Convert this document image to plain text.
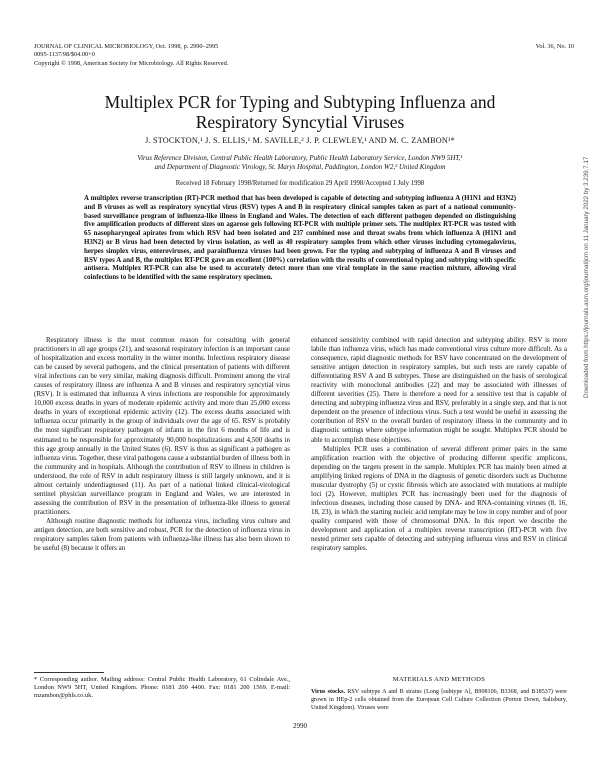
JOURNAL OF CLINICAL MICROBIOLOGY, Oct. 1998, p. 2990–2995
0095-1137/98/$04.00+0
Copyright © 1998, American Society for Microbiology. All Rights Reserved.
Vol. 36, No. 10
Multiplex PCR for Typing and Subtyping Influenza and
Respiratory Syncytial Viruses
J. STOCKTON,¹ J. S. ELLIS,¹ M. SAVILLE,² J. P. CLEWLEY,¹ AND M. C. ZAMBON¹*
Virus Reference Division, Central Public Health Laboratory, Public Health Laboratory Service, London NW9 5HT,¹
and Department of Diagnostic Virology, St. Marys Hospital, Paddington, London W2,² United Kingdom
Received 18 February 1998/Returned for modification 29 April 1998/Accepted 1 July 1998

A multiplex reverse transcription (RT)-PCR method that has been developed is capable of detecting and subtyping influenza A (H1N1 and H3N2) and B viruses as well as respiratory syncytial virus (RSV) types A and B in respiratory clinical samples taken as part of a national community-based surveillance program of influenza-like illness in England and Wales. The detection of each different pathogen depended on distinguishing five amplification products of different sizes on agarose gels following RT-PCR with multiple primer sets. The multiplex RT-PCR was tested with 65 nasopharyngeal apirates from which RSV had been isolated and 237 combined nose and throat swabs from which influenza A (H1N1 and H3N2) or B virus had been detected by virus isolation, as well as 40 respiratory samples from which other viruses including cytomegalovirus, herpes simplex virus, enteroviruses, and parainfluenza viruses had been grown. For the typing and subtyping of influenza A and B viruses and RSV types A and B, the multiplex RT-PCR gave an excellent (100%) correlation with the results of conventional typing and subtyping with specific antisera. Multiplex RT-PCR can also be used to accurately detect more than one viral template in the same reaction mixture, allowing viral coinfections to be identified with the same respiratory specimen.

Respiratory illness is the most common reason for consulting with general practitioners in all age groups (21), and seasonal respiratory infection is an important cause of hospitalization and excess mortality in the winter months. Infectious respiratory disease can be caused by several pathogens, and the clinical presentation of patients with different viral infections can be very similar, making diagnosis difficult. Prominent among the viral causes of respiratory illness are influenza A and B viruses and respiratory syncytial virus (RSV). It is estimated that influenza A virus infections are responsible for approximately 10,000 excess deaths in years of moderate epidemic activity and more than 25,000 excess deaths in years of exceptional epidemic activity (12). The excess deaths associated with influenza occur primarily in the group of individuals over the age of 65. RSV is probably the most significant respiratory pathogen of infants in the first 6 months of life and is estimated to be responsible for approximately 90,000 hospitalizations and 4,500 deaths in this age group annually in the United States (6). RSV is thus as significant a pathogen as influenza virus. Together, these viral pathogens cause a substantial burden of illness both in the community and in hospitals. Although the contribution of RSV to illness in children is understood, the role of RSV in adult respiratory illness is still largely unknown, and it is almost certainly underdiagnosed (11). As part of a national linked clinical-virological sentinel physician surveillance program in England and Wales, we are interested in assessing the contribution of RSV in the presentation of influenza-like illness to general practitioners.

Although routine diagnostic methods for influenza virus, including virus culture and antigen detection, are both sensitive and robust, PCR for the detection of influenza virus in respiratory samples taken from patients with influenza-like illness has also been shown to be useful (8) because it offers an

enhanced sensitivity combined with rapid detection and subtyping ability. RSV is more labile than influenza virus, which has made conventional virus culture more difficult. As a consequence, rapid diagnostic methods for RSV have concentrated on the development of sensitive antigen detection in respiratory samples, but such tests are rarely capable of differentiating RSV A and B subtypes. These are distinguished on the basis of serological reactivity with monoclonal antibodies (22) and may be associated with illnesses of different severities (25). There is therefore a need for a sensitive test that is capable of detecting and subtyping influenza virus and RSV, preferably in a single step, and that is not dependent on the presence of infectious virus. Such a test would be useful in assessing the contribution of RSV to the overall burden of respiratory illness in the community and in diagnostic settings where subtype information might be sought. Multiplex PCR should be able to accomplish these objectives.

Multiplex PCR uses a combination of several different primer pairs in the same amplification reaction with the objective of producing different specific amplicons, depending on the targets present in the sample. Multiplex PCR has mainly been aimed at amplifying linked regions of DNA in the diagnosis of genetic disorders such as Duchenne muscular dystrophy (5) or cystic fibrosis which are associated with mutations at multiple loci (2). However, multiplex PCR has increasingly been used for the diagnosis of infectious diseases, including those caused by DNA- and RNA-containing viruses (8, 16, 18, 23), in which the starting nucleic acid template may be low in copy number and of poor quality compared with those of chromosomal DNA. In this report we describe the development and application of a multiplex reverse transcription (RT)-PCR with five nested primer sets capable of detecting and subtyping influenza virus and RSV in clinical respiratory samples.

* Corresponding author. Mailing address: Central Public Health Laboratory, 61 Colindale Ave., London NW9 5HT, United Kingdom. Phone: 0181 200 4400. Fax: 0181 200 1569. E-mail: mzambon@phls.co.uk.
MATERIALS AND METHODS

Virus stocks. RSV subtype A and B strains (Long [subtype A], B908106, B3368, and B18537) were grown in HEp-2 cells obtained from the European Cell Culture Collection (Porton Down, Salisbury, United Kingdom). Viruses were

2990
Downloaded from https://journals.asm.org/journal/jcm on 11 January 2022 by 3.239.7.17
